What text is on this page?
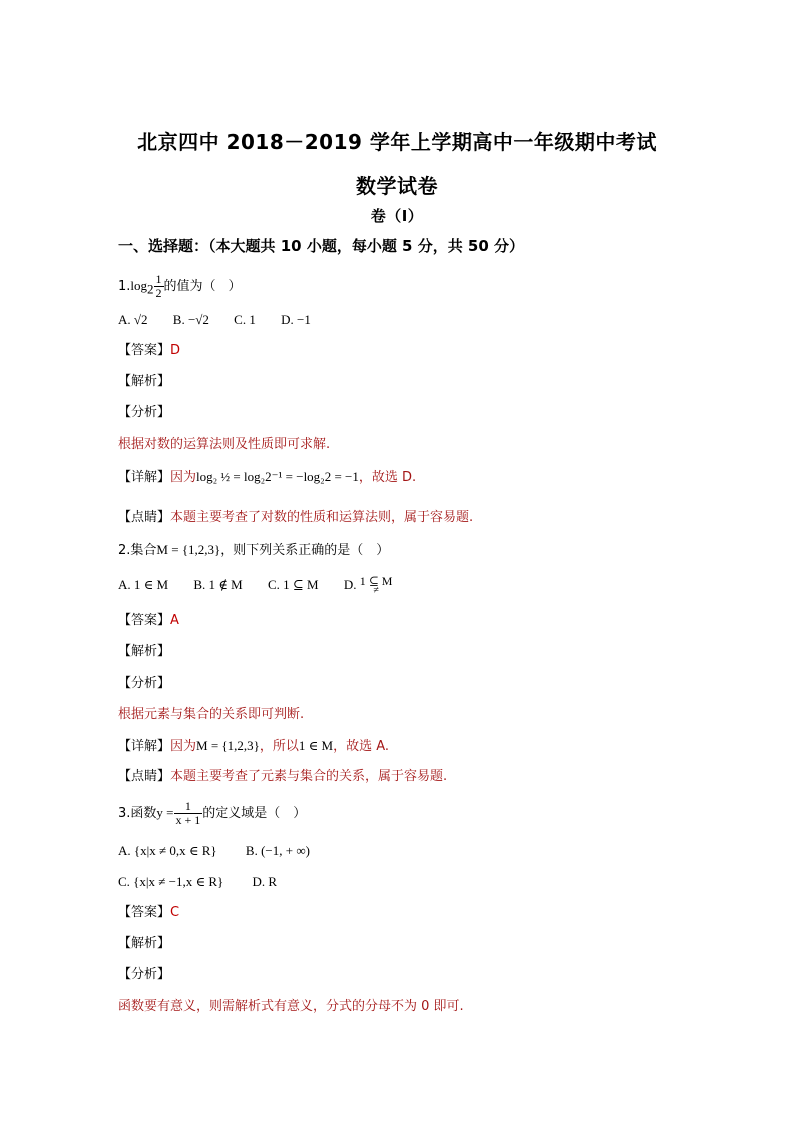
北京四中 2018－2019 学年上学期高中一年级期中考试
数学试卷
卷（I）
一、选择题：（本大题共 10 小题，每小题 5 分，共 50 分）
$1.\log_2 \frac{1}{2}$ 的值为（　）
A. √2 B. −√2 C. 1 D. −1
【答案】D
【解析】
【分析】
根据对数的运算法则及性质即可求解.
【详解】因为log₂ ½ = log₂2⁻¹ = −log₂2 = −1，故选 D.
【点睛】本题主要考查了对数的性质和运算法则，属于容易题.
2.集合M = {1,2,3}，则下列关系正确的是（　）
A. 1 ∈ M B. 1 ∉ M C. 1 ⊆ M D. 1 ⊆ M
≠
【答案】A
【解析】
【分析】
根据元素与集合的关系即可判断.
【详解】因为M = {1,2,3}，所以1 ∈ M，故选 A.
【点睛】本题主要考查了元素与集合的关系，属于容易题.
3.函数$y = \frac{1}{x + 1}$ 的定义域是（　）
A. {x|x ≠ 0,x ∈ R} B. (−1, + ∞)
C. {x|x ≠ −1,x ∈ R} D. R
【答案】C
【解析】
【分析】
函数要有意义，则需解析式有意义，分式的分母不为 0 即可.
